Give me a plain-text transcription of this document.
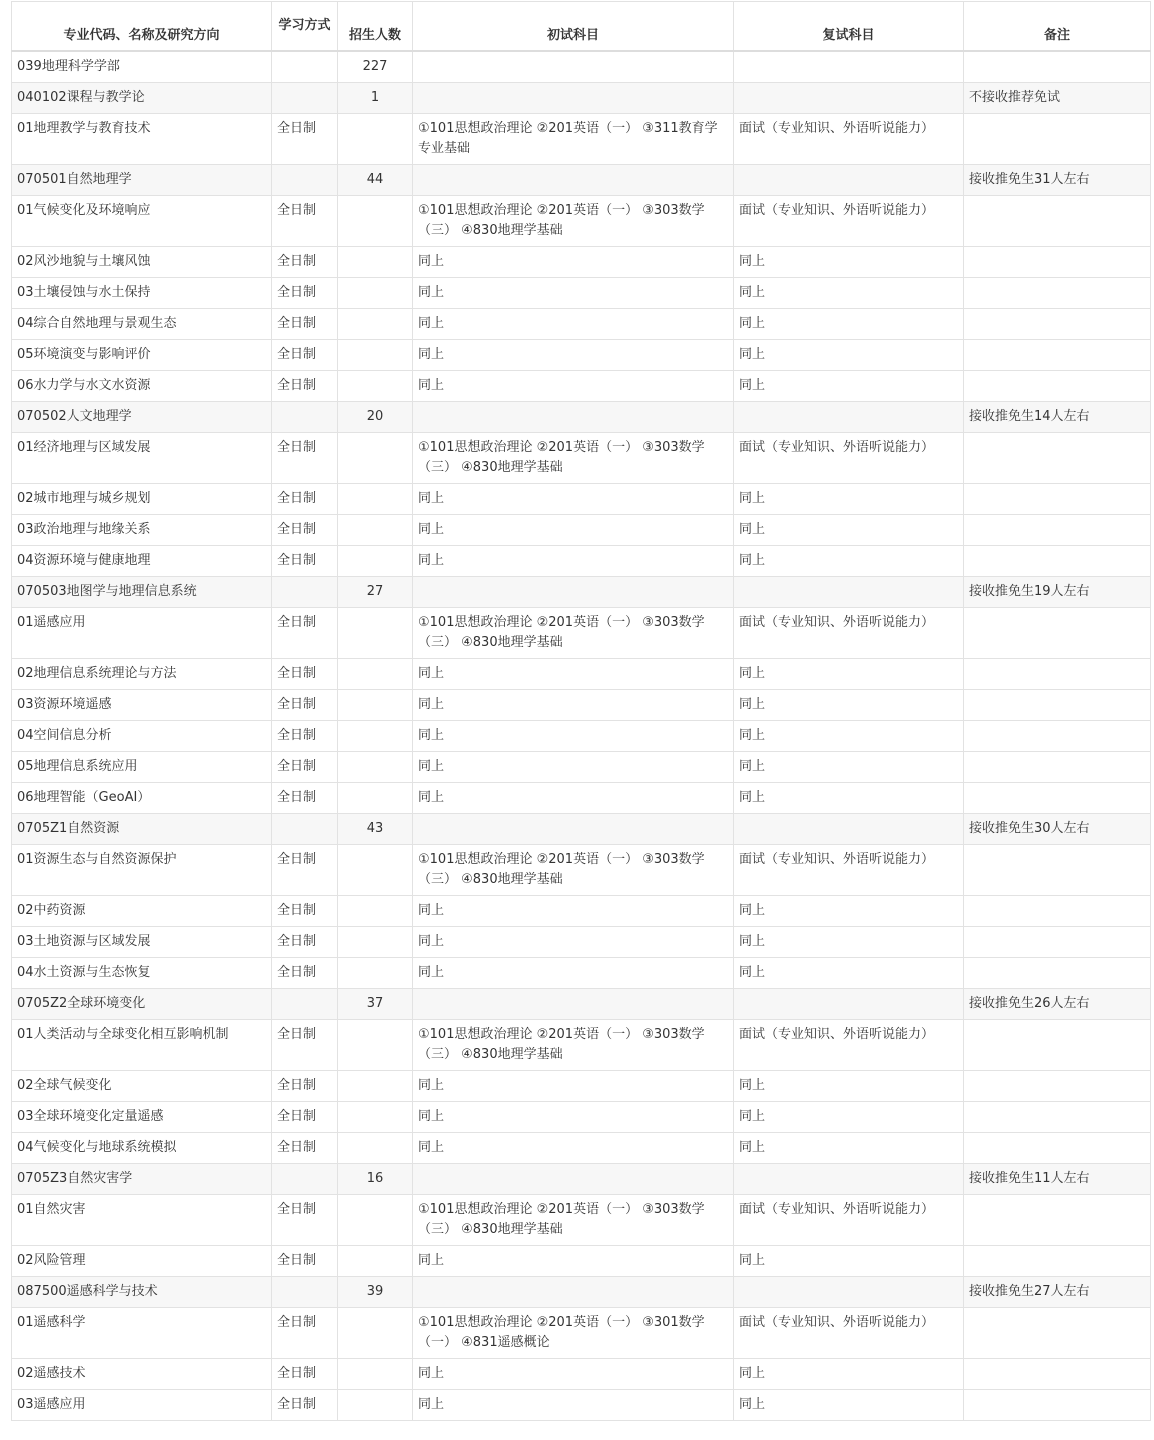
专业代码、名称及研究方向	学习方式	招生人数	初试科目	复试科目	备注
039地理科学学部		227			
040102课程与教学论		1			不接收推荐免试
01地理教学与教育技术	全日制		①101思想政治理论 ②201英语（一） ③311教育学专业基础	面试（专业知识、外语听说能力）	
070501自然地理学		44			接收推免生31人左右
01气候变化及环境响应	全日制		①101思想政治理论 ②201英语（一） ③303数学（三） ④830地理学基础	面试（专业知识、外语听说能力）	
02风沙地貌与土壤风蚀	全日制		同上	同上	
03土壤侵蚀与水土保持	全日制		同上	同上	
04综合自然地理与景观生态	全日制		同上	同上	
05环境演变与影响评价	全日制		同上	同上	
06水力学与水文水资源	全日制		同上	同上	
070502人文地理学		20			接收推免生14人左右
01经济地理与区域发展	全日制		①101思想政治理论 ②201英语（一） ③303数学（三） ④830地理学基础	面试（专业知识、外语听说能力）	
02城市地理与城乡规划	全日制		同上	同上	
03政治地理与地缘关系	全日制		同上	同上	
04资源环境与健康地理	全日制		同上	同上	
070503地图学与地理信息系统		27			接收推免生19人左右
01遥感应用	全日制		①101思想政治理论 ②201英语（一） ③303数学（三） ④830地理学基础	面试（专业知识、外语听说能力）	
02地理信息系统理论与方法	全日制		同上	同上	
03资源环境遥感	全日制		同上	同上	
04空间信息分析	全日制		同上	同上	
05地理信息系统应用	全日制		同上	同上	
06地理智能（GeoAI）	全日制		同上	同上	
0705Z1自然资源		43			接收推免生30人左右
01资源生态与自然资源保护	全日制		①101思想政治理论 ②201英语（一） ③303数学（三） ④830地理学基础	面试（专业知识、外语听说能力）	
02中药资源	全日制		同上	同上	
03土地资源与区域发展	全日制		同上	同上	
04水土资源与生态恢复	全日制		同上	同上	
0705Z2全球环境变化		37			接收推免生26人左右
01人类活动与全球变化相互影响机制	全日制		①101思想政治理论 ②201英语（一） ③303数学（三） ④830地理学基础	面试（专业知识、外语听说能力）	
02全球气候变化	全日制		同上	同上	
03全球环境变化定量遥感	全日制		同上	同上	
04气候变化与地球系统模拟	全日制		同上	同上	
0705Z3自然灾害学		16			接收推免生11人左右
01自然灾害	全日制		①101思想政治理论 ②201英语（一） ③303数学（三） ④830地理学基础	面试（专业知识、外语听说能力）	
02风险管理	全日制		同上	同上	
087500遥感科学与技术		39			接收推免生27人左右
01遥感科学	全日制		①101思想政治理论 ②201英语（一） ③301数学（一） ④831遥感概论	面试（专业知识、外语听说能力）	
02遥感技术	全日制		同上	同上	
03遥感应用	全日制		同上	同上	
